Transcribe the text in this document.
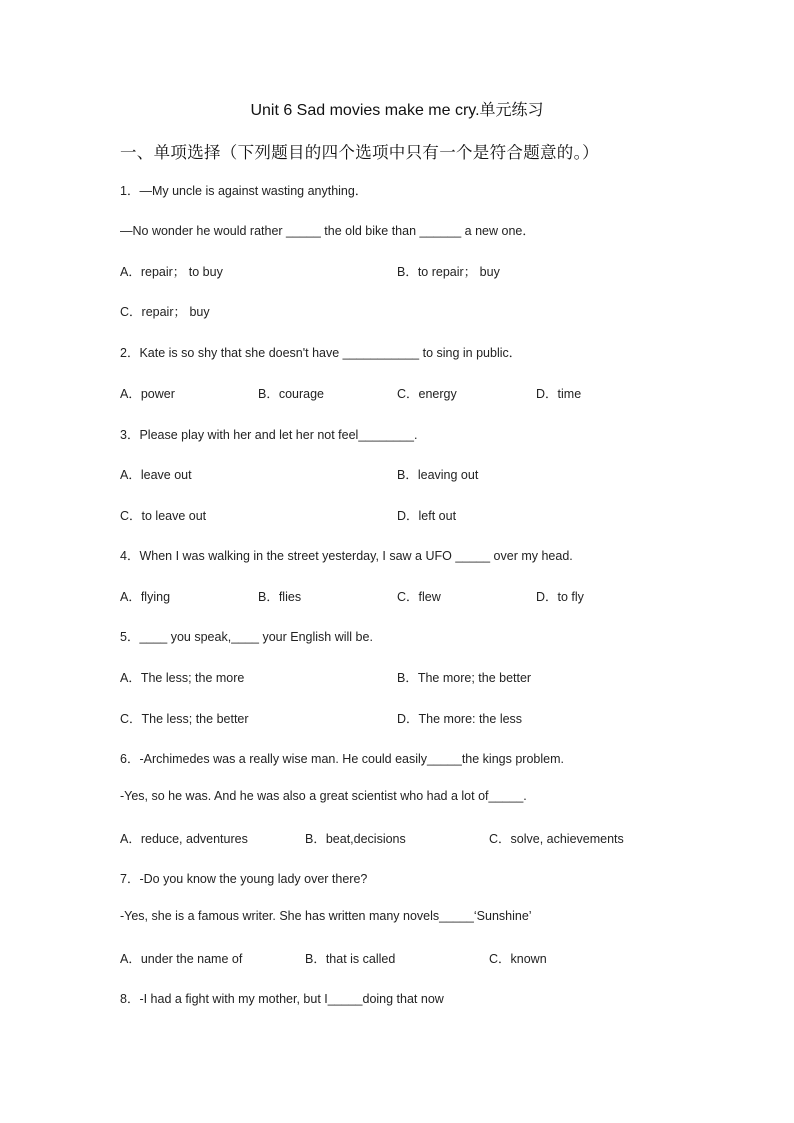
Unit 6 Sad movies make me cry.单元练习
一、单项选择（下列题目的四个选项中只有一个是符合题意的。）
1．—My uncle is against wasting anything．
—No wonder he would rather _____ the old bike than ______ a new one．
A．repair； to buy	B．to repair； buy
C．repair； buy
2．Kate is so shy that she doesn't have ___________ to sing in public．
A．power	B．courage	C．energy	D．time
3．Please play with her and let her not feel________.
A．leave out	B．leaving out
C．to leave out	D．left out
4．When I was walking in the street yesterday, I saw a UFO _____ over my head.
A．flying	B．flies	C．flew	D．to fly
5．____ you speak,____ your English will be.
A．The less; the more	B．The more; the better
C．The less; the better	D．The more: the less
6．-Archimedes was a really wise man. He could easily_____the kings problem.
-Yes, so he was. And he was also a great scientist who had a lot of_____.
A．reduce, adventures	B．beat,decisions	C．solve, achievements
7．-Do you know the young lady over there?
-Yes, she is a famous writer. She has written many novels_____‘Sunshine’
A．under the name of	B．that is called	C．known
8．-I had a fight with my mother, but I_____doing that now
